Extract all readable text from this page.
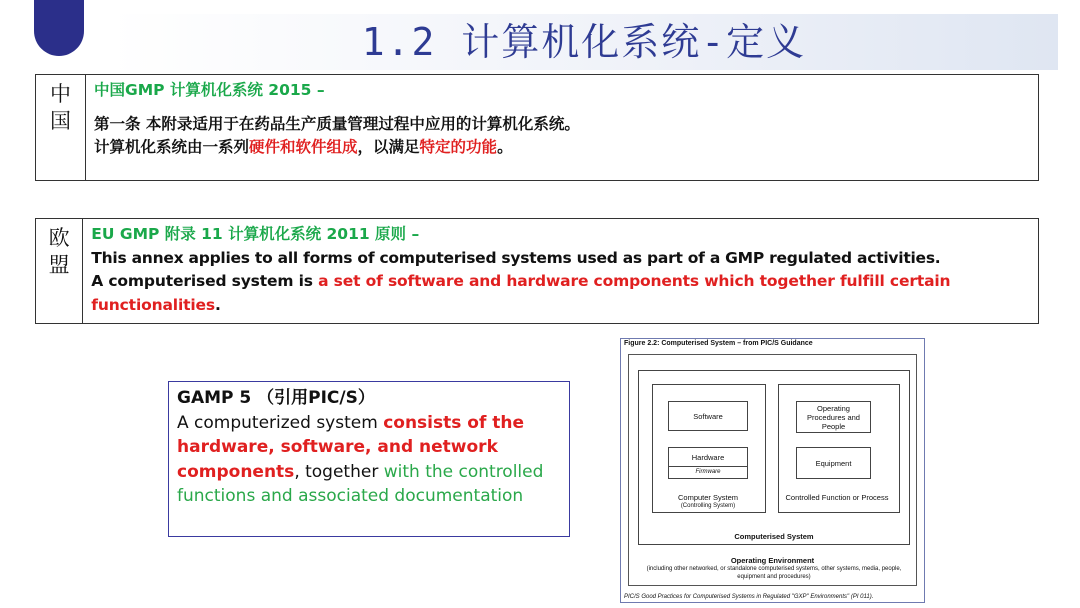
1.2 计算机化系统-定义
中
国
中国GMP 计算机化系统 2015 –
第一条 本附录适用于在药品生产质量管理过程中应用的计算机化系统。
计算机化系统由一系列硬件和软件组成，以满足特定的功能。
欧
盟
EU GMP 附录 11 计算机化系统 2011 原则 –
This annex applies to all forms of computerised systems used as part of a GMP regulated activities.
A computerised system is a set of software and hardware components which together fulfill certain functionalities.
GAMP 5 （引用PIC/S）
A computerized system consists of the hardware, software, and network components, together with the controlled functions and associated documentation
Figure 2.2: Computerised System – from PIC/S Guidance
Software
Hardware
Firmware
Computer System
(Controlling System)
Operating Procedures and People
Equipment
Controlled Function or Process
Computerised System
Operating Environment
(including other networked, or standalone computerised systems, other systems, media, people, equipment and procedures)
PIC/S Good Practices for Computerised Systems in Regulated "GXP" Environments" (PI 011).
